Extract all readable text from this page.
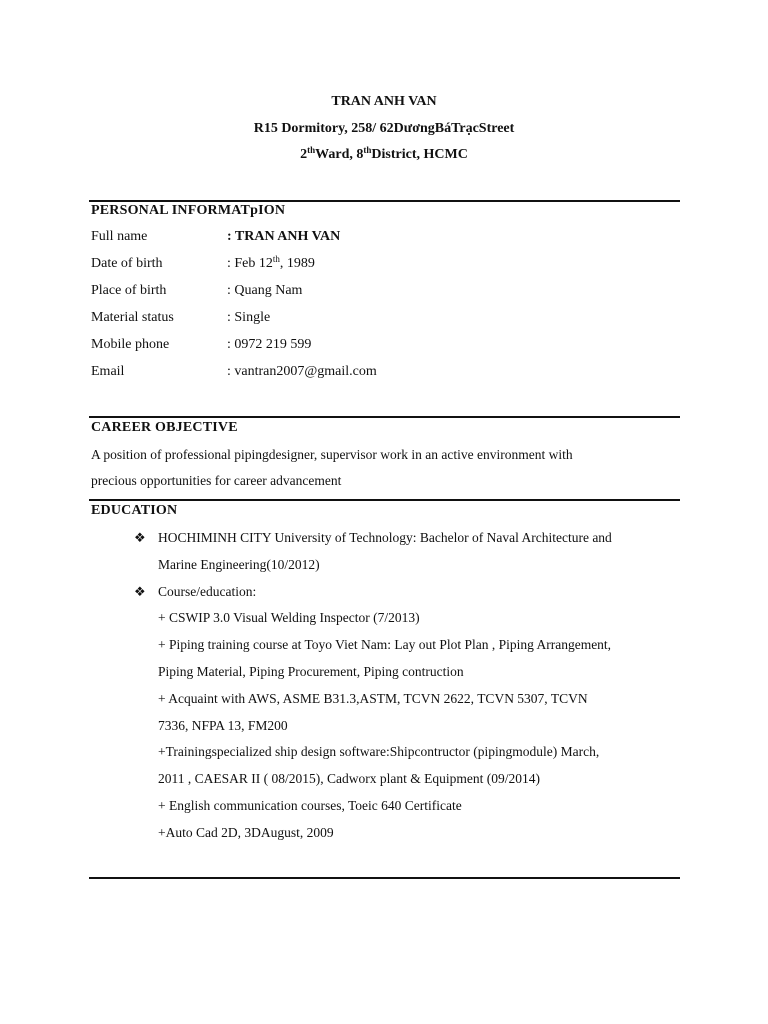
TRAN ANH VAN
R15 Dormitory, 258/ 62DươngBáTrạcStreet
2thWard, 8thDistrict, HCMC
PERSONAL INFORMATpION
Full name	: TRAN ANH VAN
Date of birth	: Feb 12th, 1989
Place of birth	: Quang Nam
Material status	: Single
Mobile phone	: 0972 219 599
Email	: vantran2007@gmail.com
CAREER OBJECTIVE
A position of professional pipingdesigner, supervisor work in an active environment with
precious opportunities for career advancement
EDUCATION
❖ HOCHIMINH CITY University of Technology: Bachelor of Naval Architecture and
Marine Engineering(10/2012)
❖ Course/education:
+ CSWIP 3.0 Visual Welding Inspector (7/2013)
+ Piping training course at Toyo Viet Nam: Lay out Plot Plan , Piping Arrangement,
Piping Material, Piping Procurement, Piping contruction
+ Acquaint with AWS, ASME B31.3,ASTM, TCVN 2622, TCVN 5307, TCVN
7336, NFPA 13, FM200
+Trainingspecialized ship design software:Shipcontructor (pipingmodule) March,
2011 , CAESAR II ( 08/2015), Cadworx plant & Equipment (09/2014)
+ English communication courses, Toeic 640 Certificate
+Auto Cad 2D, 3DAugust, 2009
